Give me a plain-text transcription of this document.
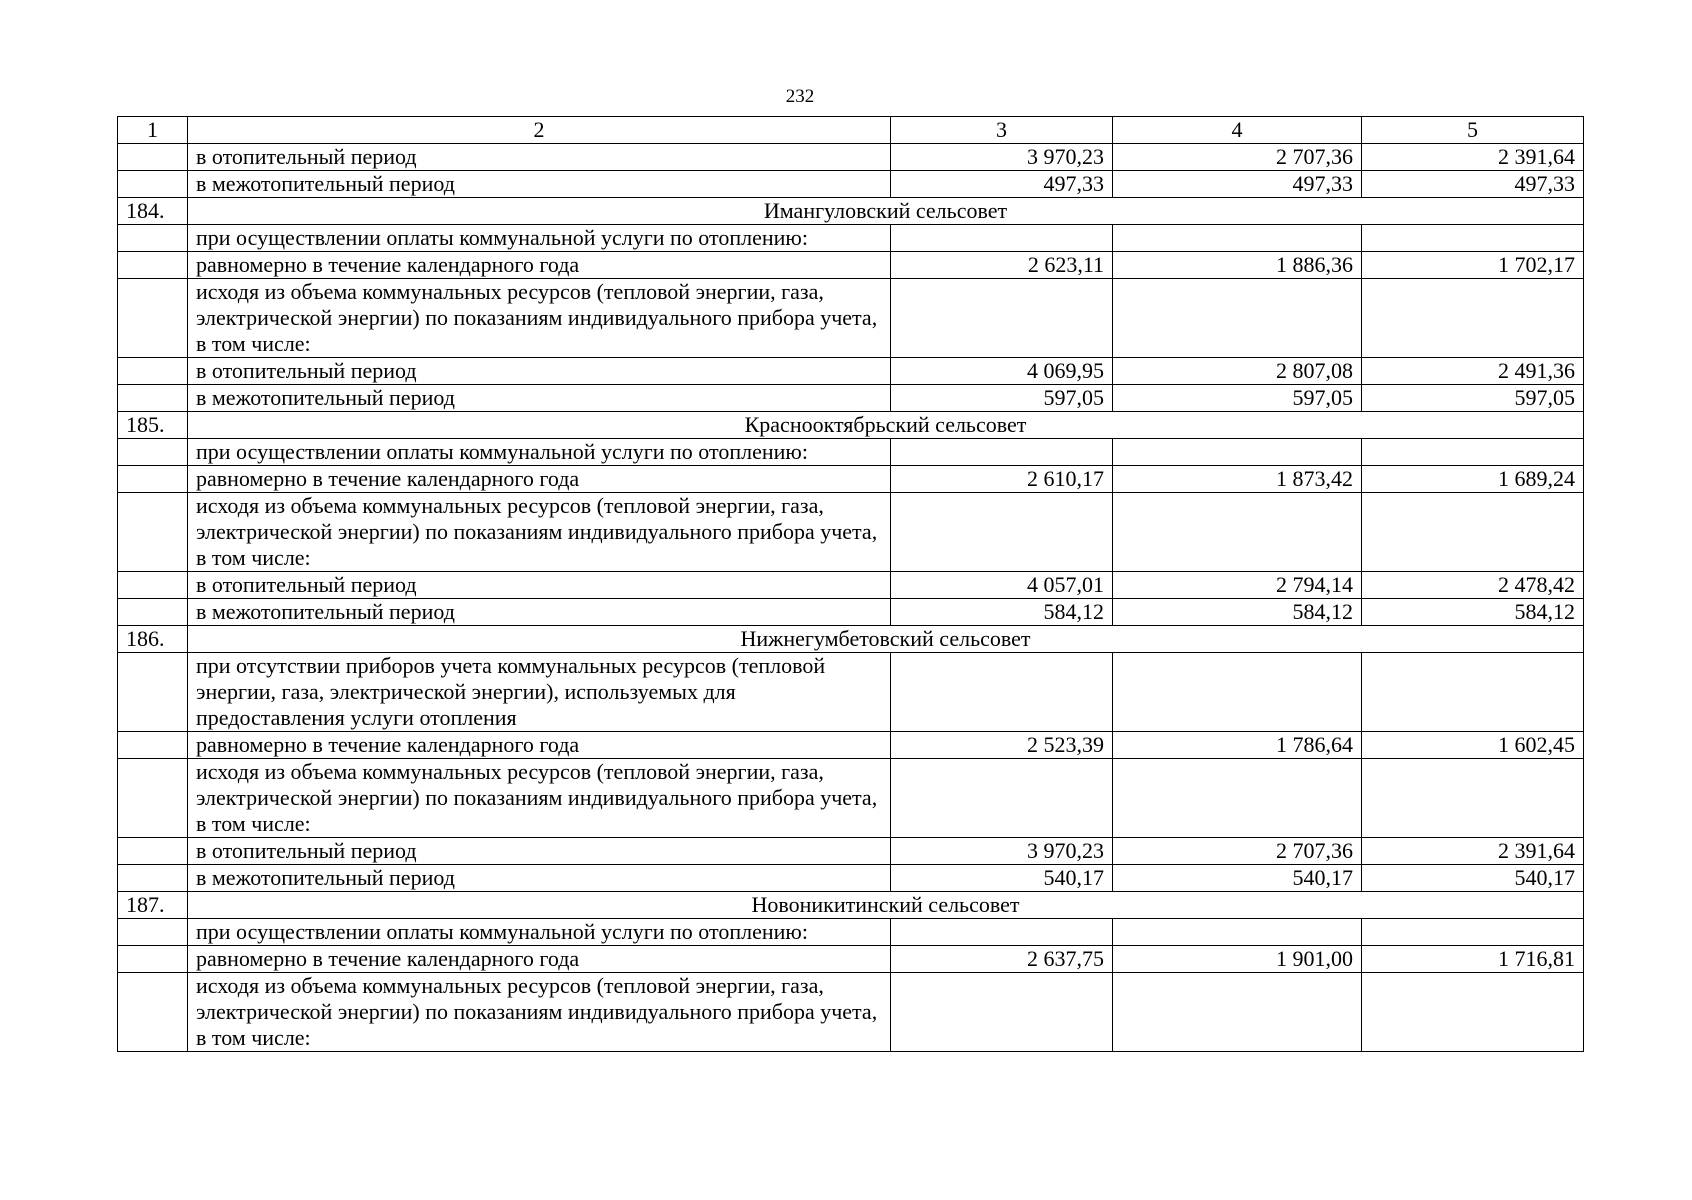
232
1	2	3	4	5
	в отопительный период	3 970,23	2 707,36	2 391,64
	в межотопительный период	497,33	497,33	497,33
184.	Имангуловский сельсовет			
	при осуществлении оплаты коммунальной услуги по отоплению:			
	равномерно в течение календарного года	2 623,11	1 886,36	1 702,17
	исходя из объема коммунальных ресурсов (тепловой энергии, газа, электрической энергии) по показаниям индивидуального прибора учета, в том числе:			
	в отопительный период	4 069,95	2 807,08	2 491,36
	в межотопительный период	597,05	597,05	597,05
185.	Краснооктябрьский сельсовет			
	при осуществлении оплаты коммунальной услуги по отоплению:			
	равномерно в течение календарного года	2 610,17	1 873,42	1 689,24
	исходя из объема коммунальных ресурсов (тепловой энергии, газа, электрической энергии) по показаниям индивидуального прибора учета, в том числе:			
	в отопительный период	4 057,01	2 794,14	2 478,42
	в межотопительный период	584,12	584,12	584,12
186.	Нижнегумбетовский сельсовет			
	при отсутствии приборов учета коммунальных ресурсов (тепловой энергии, газа, электрической энергии), используемых для предоставления услуги отопления			
	равномерно в течение календарного года	2 523,39	1 786,64	1 602,45
	исходя из объема коммунальных ресурсов (тепловой энергии, газа, электрической энергии) по показаниям индивидуального прибора учета, в том числе:			
	в отопительный период	3 970,23	2 707,36	2 391,64
	в межотопительный период	540,17	540,17	540,17
187.	Новоникитинский сельсовет			
	при осуществлении оплаты коммунальной услуги по отоплению:			
	равномерно в течение календарного года	2 637,75	1 901,00	1 716,81
	исходя из объема коммунальных ресурсов (тепловой энергии, газа, электрической энергии) по показаниям индивидуального прибора учета, в том числе:			
